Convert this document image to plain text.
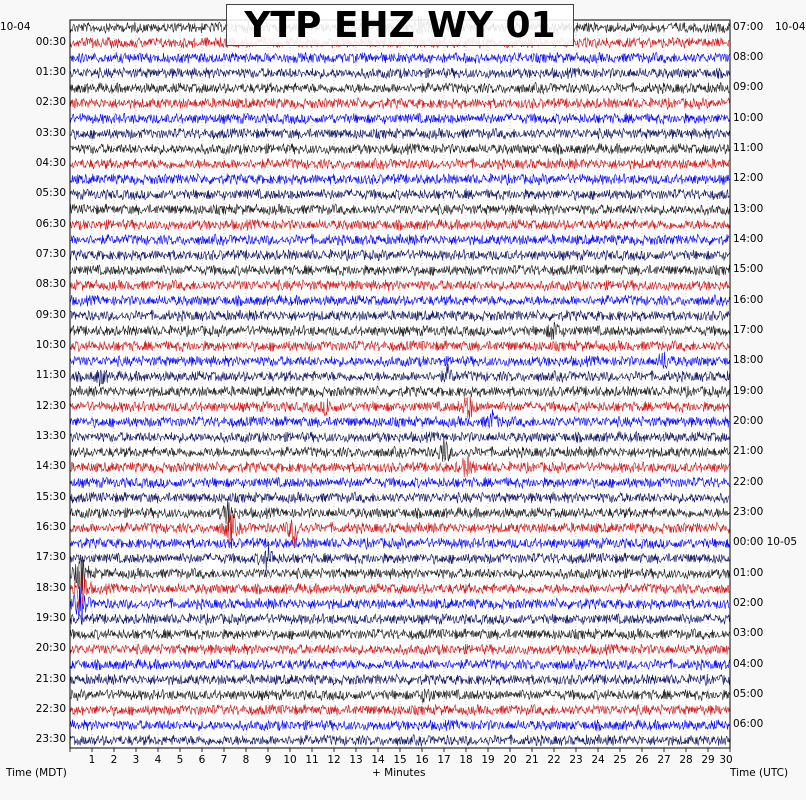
YTP EHZ WY 01
10-04	10-04
00:30
01:30
02:30
03:30
04:30
05:30
06:30
07:30
08:30
09:30
10:30
11:30
12:30
13:30
14:30
15:30
16:30
17:30
18:30
19:30
20:30
21:30
22:30
23:30
07:00
08:00
09:00
10:00
11:00
12:00
13:00
14:00
15:00
16:00
17:00
18:00
19:00
20:00
21:00
22:00
23:00
00:00 10-05
01:00
02:00
03:00
04:00
05:00
06:00
1	2	3	4	5	6	7	8	9	10 11 12 13 14 15 16 17 18 19 20 21 22 23 24 25 26 27 28 29 30
Time (MDT)	+ Minutes	Time (UTC)
